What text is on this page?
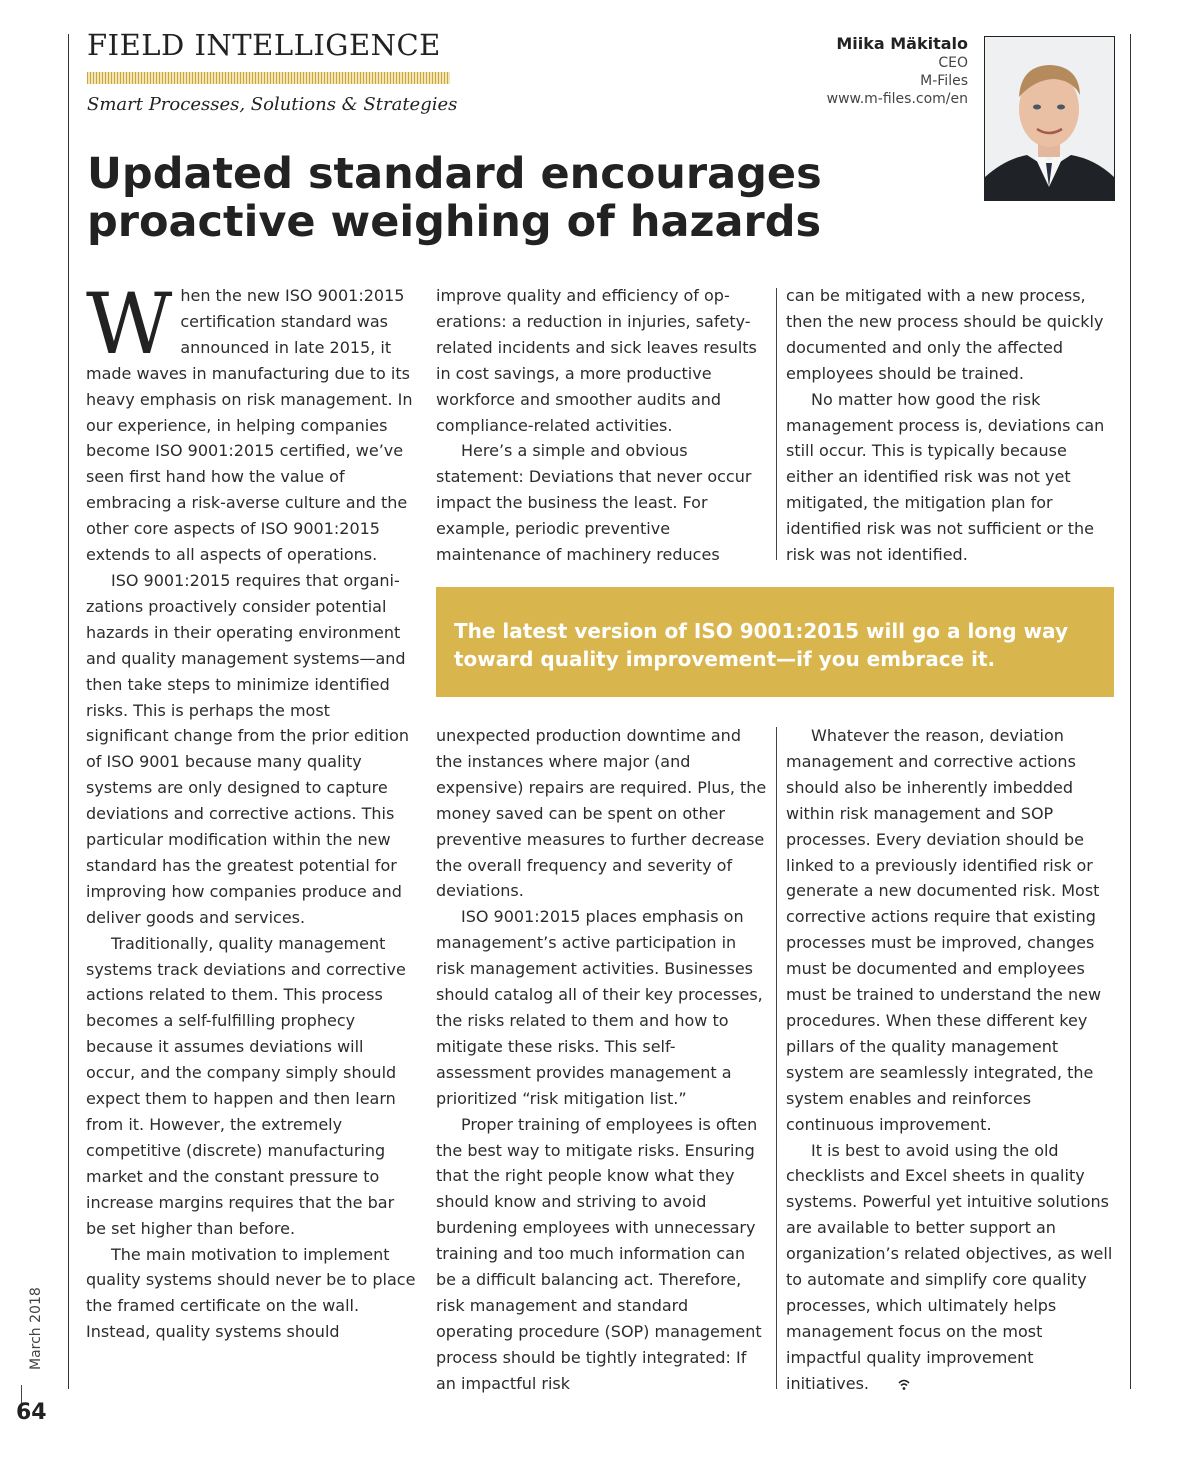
FIELD INTELLIGENCE
Smart Processes, Solutions & Strategies
Miika Mäkitalo
CEO
M-Files
www.m-files.com/en
Updated standard encourages proactive weighing of hazards

When the new ISO 9001:2015 certification standard was announced in late 2015, it made waves in manufacturing due to its heavy emphasis on risk management. In our experience, in helping companies become ISO 9001:2015 certified, we’ve seen first hand how the value of embracing a risk-averse culture and the other core aspects of ISO 9001:2015 extends to all aspects of operations.

ISO 9001:2015 requires that organizations proactively consider potential hazards in their operating environment and quality management systems—and then take steps to minimize identified risks. This is perhaps the most significant change from the prior edition of ISO 9001 because many quality systems are only designed to capture deviations and corrective actions. This particular modification within the new standard has the greatest potential for improving how companies produce and deliver goods and services.

Traditionally, quality management systems track deviations and corrective actions related to them. This process becomes a self-fulfilling prophecy because it assumes deviations will occur, and the company simply should expect them to happen and then learn from it. However, the extremely competitive (discrete) manufacturing market and the constant pressure to increase margins requires that the bar be set higher than before.

The main motivation to implement quality systems should never be to place the framed certificate on the wall. Instead, quality systems should

improve quality and efficiency of operations: a reduction in injuries, safety-related incidents and sick leaves results in cost savings, a more productive workforce and smoother audits and compliance-related activities.

Here’s a simple and obvious statement: Deviations that never occur impact the business the least. For example, periodic preventive maintenance of machinery reduces

can be mitigated with a new process, then the new process should be quickly documented and only the affected employees should be trained.

No matter how good the risk management process is, deviations can still occur. This is typically because either an identified risk was not yet mitigated, the mitigation plan for identified risk was not sufficient or the risk was not identified.

The latest version of ISO 9001:2015 will go a long way toward quality improvement—if you embrace it.

unexpected production downtime and the instances where major (and expensive) repairs are required. Plus, the money saved can be spent on other preventive measures to further decrease the overall frequency and severity of deviations.

ISO 9001:2015 places emphasis on management’s active participation in risk management activities. Businesses should catalog all of their key processes, the risks related to them and how to mitigate these risks. This self-assessment provides management a prioritized “risk mitigation list.”

Proper training of employees is often the best way to mitigate risks. Ensuring that the right people know what they should know and striving to avoid burdening employees with unnecessary training and too much information can be a difficult balancing act. Therefore, risk management and standard operating procedure (SOP) management process should be tightly integrated: If an impactful risk

Whatever the reason, deviation management and corrective actions should also be inherently imbedded within risk management and SOP processes. Every deviation should be linked to a previously identified risk or generate a new documented risk. Most corrective actions require that existing processes must be improved, changes must be documented and employees must be trained to understand the new procedures. When these different key pillars of the quality management system are seamlessly integrated, the system enables and reinforces continuous improvement.

It is best to avoid using the old checklists and Excel sheets in quality systems. Powerful yet intuitive solutions are available to better support an organization’s related objectives, as well to automate and simplify core quality processes, which ultimately helps management focus on the most impactful quality improvement initiatives.

March 2018
64
